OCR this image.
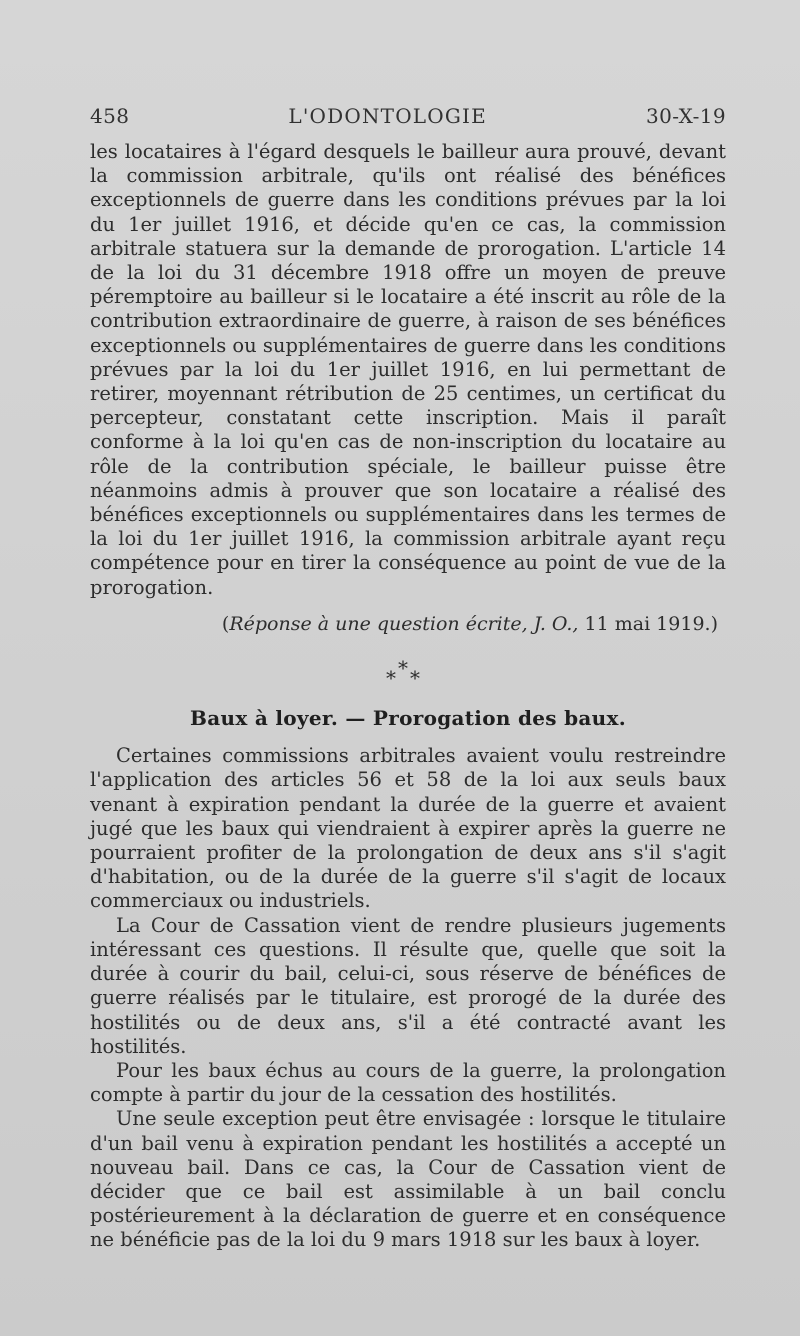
458	L'ODONTOLOGIE	30-X-19

les locataires à l'égard desquels le bailleur aura prouvé, devant la commission arbitrale, qu'ils ont réalisé des bénéfices exceptionnels de guerre dans les conditions prévues par la loi du 1er juillet 1916, et décide qu'en ce cas, la commission arbitrale statuera sur la demande de prorogation. L'article 14 de la loi du 31 décembre 1918 offre un moyen de preuve péremptoire au bailleur si le locataire a été inscrit au rôle de la contribution extraordinaire de guerre, à raison de ses bénéfices exceptionnels ou supplémentaires de guerre dans les conditions prévues par la loi du 1er juillet 1916, en lui permettant de retirer, moyennant rétribution de 25 centimes, un certificat du percepteur, constatant cette inscription. Mais il paraît conforme à la loi qu'en cas de non-inscription du locataire au rôle de la contribution spéciale, le bailleur puisse être néanmoins admis à prouver que son locataire a réalisé des bénéfices exceptionnels ou supplémentaires dans les termes de la loi du 1er juillet 1916, la commission arbitrale ayant reçu compétence pour en tirer la conséquence au point de vue de la prorogation.

(Réponse à une question écrite, J. O., 11 mai 1919.)

*
* *
Baux à loyer. — Prorogation des baux.

Certaines commissions arbitrales avaient voulu restreindre l'application des articles 56 et 58 de la loi aux seuls baux venant à expiration pendant la durée de la guerre et avaient jugé que les baux qui viendraient à expirer après la guerre ne pourraient profiter de la prolongation de deux ans s'il s'agit d'habitation, ou de la durée de la guerre s'il s'agit de locaux commerciaux ou industriels.

La Cour de Cassation vient de rendre plusieurs jugements intéressant ces questions. Il résulte que, quelle que soit la durée à courir du bail, celui-ci, sous réserve de bénéfices de guerre réalisés par le titulaire, est prorogé de la durée des hostilités ou de deux ans, s'il a été contracté avant les hostilités.

Pour les baux échus au cours de la guerre, la prolongation compte à partir du jour de la cessation des hostilités.

Une seule exception peut être envisagée : lorsque le titulaire d'un bail venu à expiration pendant les hostilités a accepté un nouveau bail. Dans ce cas, la Cour de Cassation vient de décider que ce bail est assimilable à un bail conclu postérieurement à la déclaration de guerre et en conséquence ne bénéficie pas de la loi du 9 mars 1918 sur les baux à loyer.
